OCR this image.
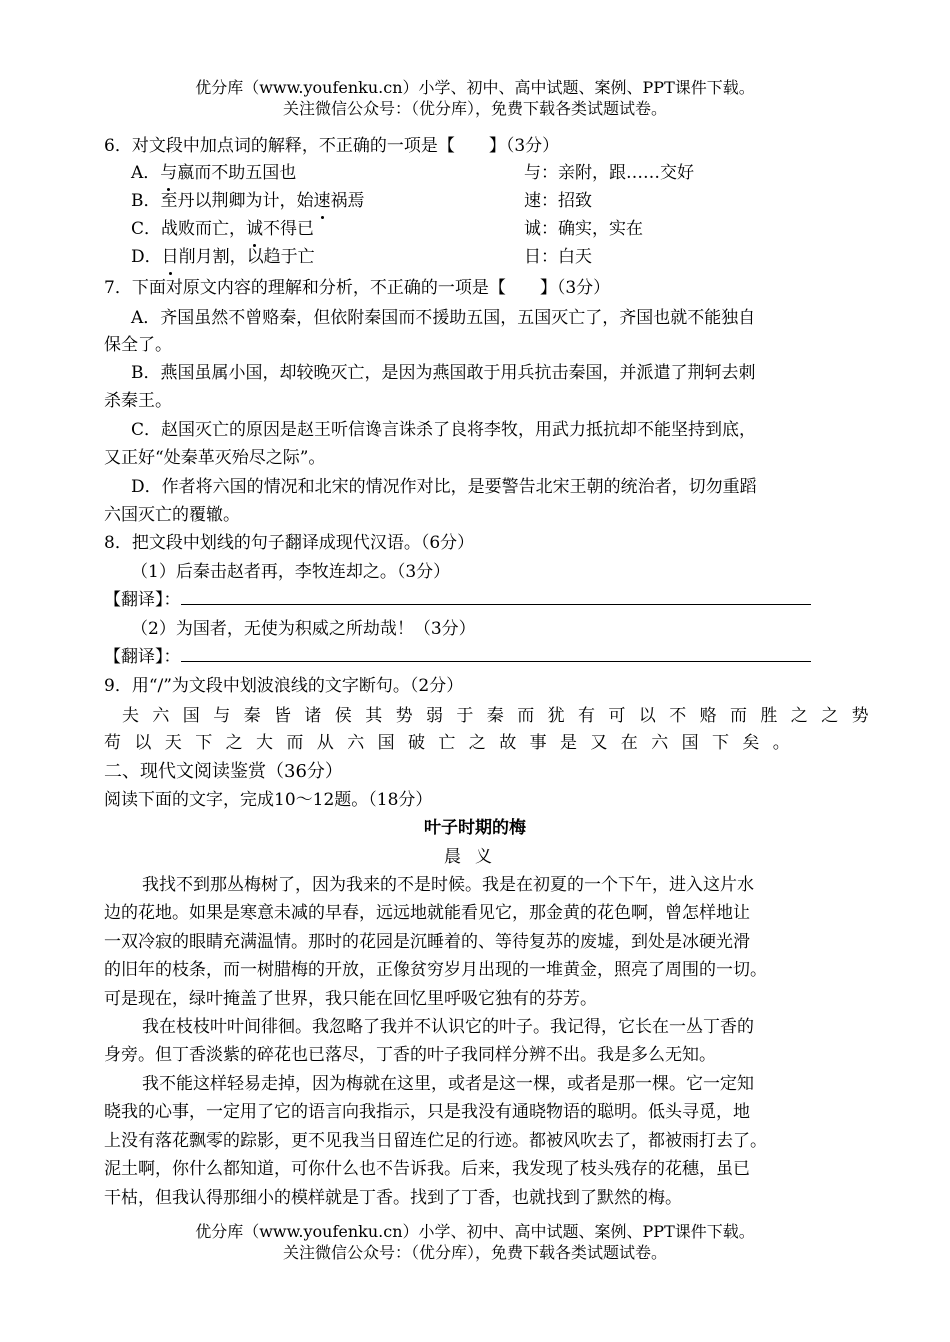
优分库（www.youfenku.cn）小学、初中、高中试题、案例、PPT课件下载。
关注微信公众号：（优分库），免费下载各类试题试卷。
6．对文段中加点词的解释，不正确的一项是【　　】（3分）
A．与嬴而不助五国也	与：亲附，跟……交好
B．至丹以荆卿为计，始速祸焉	速：招致
C．战败而亡，诚不得已	诚：确实，实在
D．日削月割，以趋于亡	日：白天
7．下面对原文内容的理解和分析，不正确的一项是【　　】（3分）
A．齐国虽然不曾赂秦，但依附秦国而不援助五国，五国灭亡了，齐国也就不能独自
保全了。
B．燕国虽属小国，却较晚灭亡，是因为燕国敢于用兵抗击秦国，并派遣了荆轲去刺
杀秦王。
C．赵国灭亡的原因是赵王听信谗言诛杀了良将李牧，用武力抵抗却不能坚持到底，
又正好“处秦革灭殆尽之际”。
D．作者将六国的情况和北宋的情况作对比，是要警告北宋王朝的统治者，切勿重蹈
六国灭亡的覆辙。
8．把文段中划线的句子翻译成现代汉语。（6分）
（1）后秦击赵者再，李牧连却之。（3分）
【翻译】：
（2）为国者，无使为积威之所劫哉！（3分）
【翻译】：
9．用“/”为文段中划波浪线的文字断句。（2分）
夫六国与秦皆诸侯其势弱于秦而犹有可以不赂而胜之之势
苟以天下之大而从六国破亡之故事是又在六国下矣。
二、现代文阅读鉴赏（36分）
阅读下面的文字，完成10～12题。（18分）
叶子时期的梅
晨义
我找不到那丛梅树了，因为我来的不是时候。我是在初夏的一个下午，进入这片水
边的花地。如果是寒意未减的早春，远远地就能看见它，那金黄的花色啊，曾怎样地让
一双冷寂的眼睛充满温情。那时的花园是沉睡着的、等待复苏的废墟，到处是冰硬光滑
的旧年的枝条，而一树腊梅的开放，正像贫穷岁月出现的一堆黄金，照亮了周围的一切。
可是现在，绿叶掩盖了世界，我只能在回忆里呼吸它独有的芬芳。
我在枝枝叶叶间徘徊。我忽略了我并不认识它的叶子。我记得，它长在一丛丁香的
身旁。但丁香淡紫的碎花也已落尽，丁香的叶子我同样分辨不出。我是多么无知。
我不能这样轻易走掉，因为梅就在这里，或者是这一棵，或者是那一棵。它一定知
晓我的心事，一定用了它的语言向我指示，只是我没有通晓物语的聪明。低头寻觅，地
上没有落花飘零的踪影，更不见我当日留连伫足的行迹。都被风吹去了，都被雨打去了。
泥土啊，你什么都知道，可你什么也不告诉我。后来，我发现了枝头残存的花穗，虽已
干枯，但我认得那细小的模样就是丁香。找到了丁香，也就找到了默然的梅。
优分库（www.youfenku.cn）小学、初中、高中试题、案例、PPT课件下载。
关注微信公众号：（优分库），免费下载各类试题试卷。
